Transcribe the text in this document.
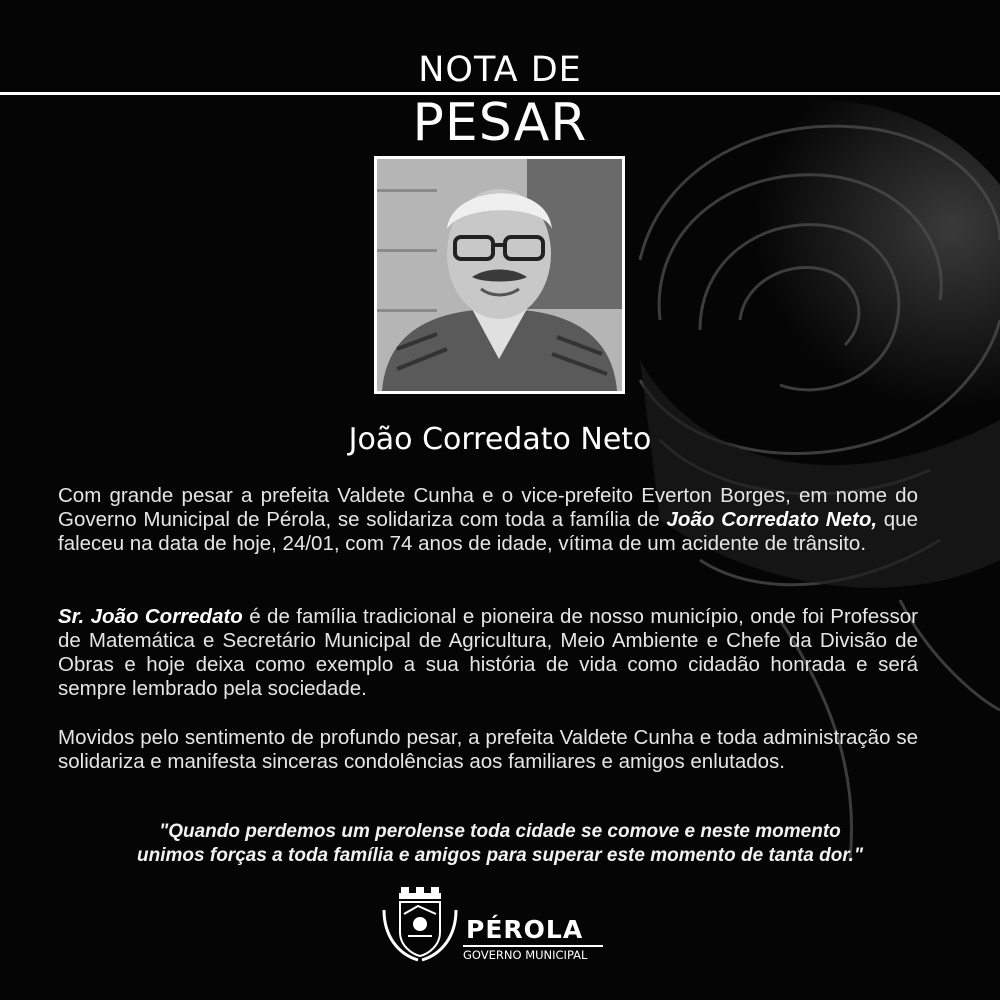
NOTA DE
PESAR
João Corredato Neto

Com grande pesar a prefeita Valdete Cunha e o vice-prefeito Everton Borges, em nome do Governo Municipal de Pérola, se solidariza com toda a família de João Corredato Neto, que faleceu na data de hoje, 24/01, com 74 anos de idade, vítima de um acidente de trânsito.

Sr. João Corredato é de família tradicional e pioneira de nosso município, onde foi Professor de Matemática e Secretário Municipal de Agricultura, Meio Ambiente e Chefe da Divisão de Obras e hoje deixa como exemplo a sua história de vida como cidadão honrada e será sempre lembrado pela sociedade.

Movidos pelo sentimento de profundo pesar, a prefeita Valdete Cunha e toda administração se solidariza e manifesta sinceras condolências aos familiares e amigos enlutados.

"Quando perdemos um perolense toda cidade se comove e neste momento
unimos forças a toda família e amigos para superar este momento de tanta dor."

PÉROLA
GOVERNO MUNICIPAL
